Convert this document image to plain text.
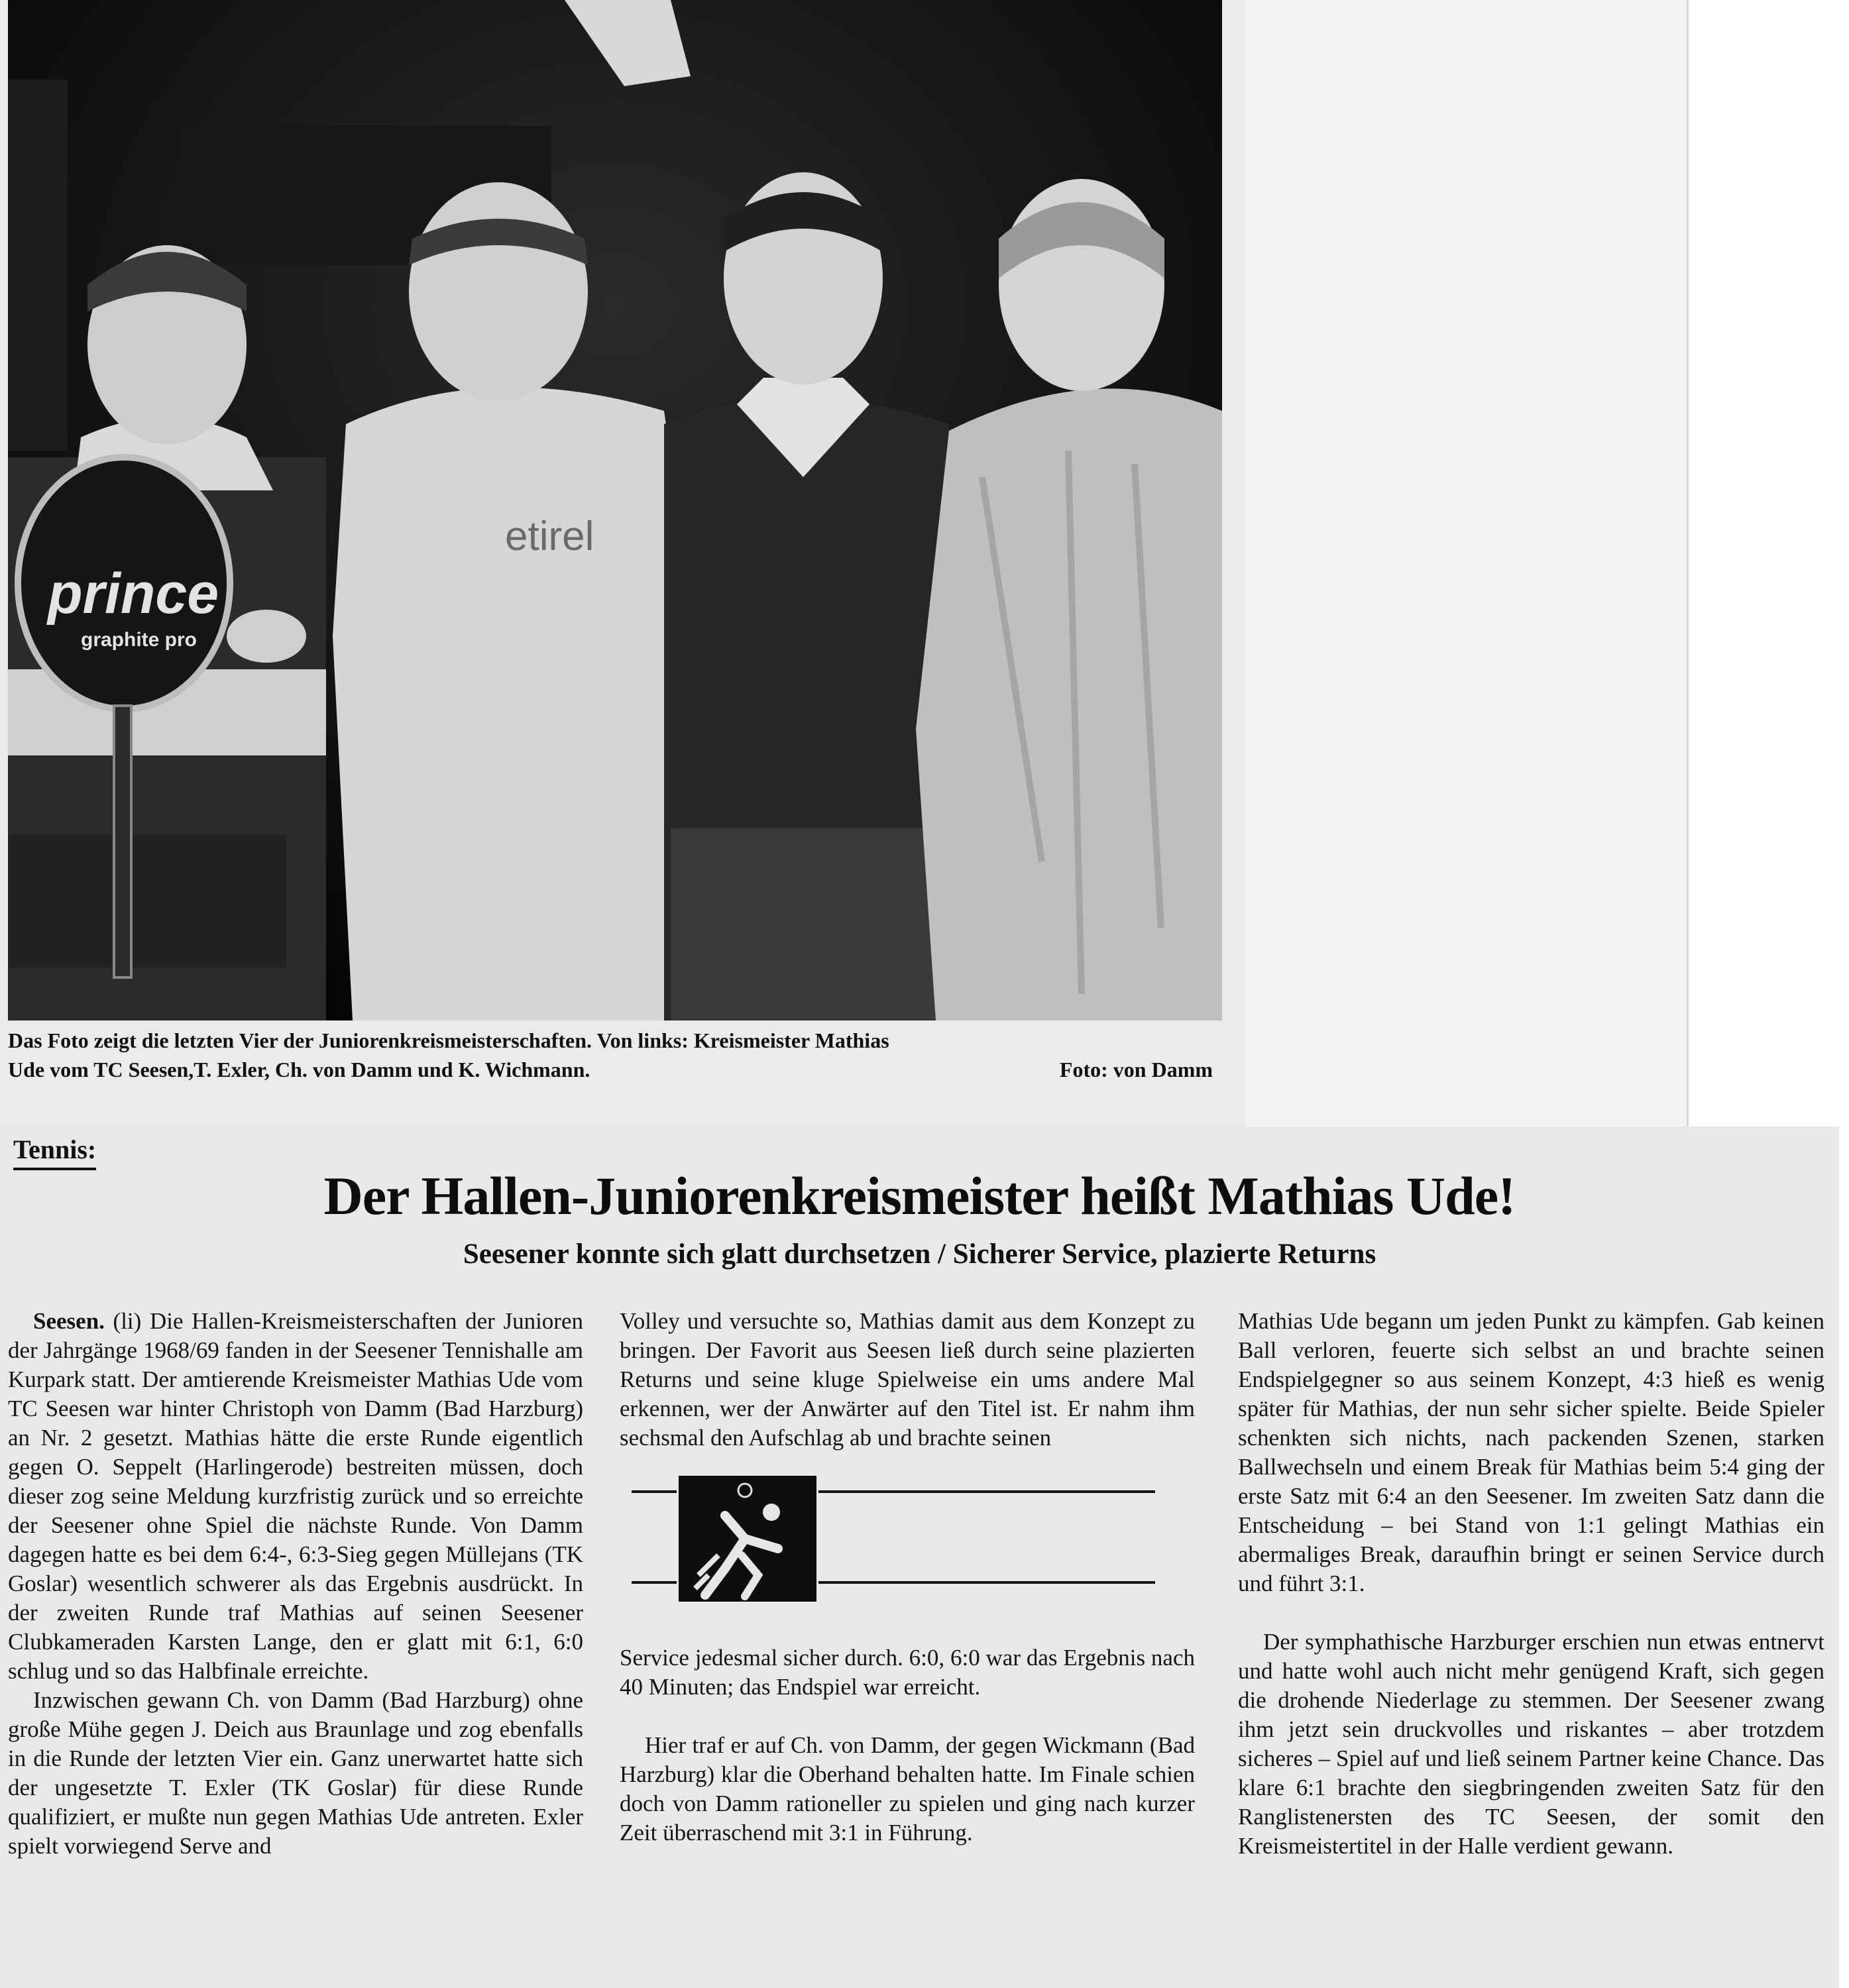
prince
graphite pro
etirel
Das Foto zeigt die letzten Vier der Juniorenkreismeisterschaften. Von links: Kreismeister Mathias
Ude vom TC Seesen,T. Exler, Ch. von Damm und K. Wichmann.	Foto: von Damm
Tennis:
Der Hallen-Juniorenkreismeister heißt Mathias Ude!
Seesener konnte sich glatt durchsetzen / Sicherer Service, plazierte Returns

Seesen. (li) Die Hallen-Kreismeisterschaften der Junioren der Jahrgänge 1968/69 fanden in der Seesener Tennishalle am Kurpark statt. Der amtierende Kreismeister Mathias Ude vom TC Seesen war hinter Christoph von Damm (Bad Harzburg) an Nr. 2 gesetzt. Mathias hätte die erste Runde eigentlich gegen O. Seppelt (Harlingerode) bestreiten müssen, doch dieser zog seine Meldung kurzfristig zurück und so erreichte der Seesener ohne Spiel die nächste Runde. Von Damm dagegen hatte es bei dem 6:4-, 6:3-Sieg gegen Müllejans (TK Goslar) wesentlich schwerer als das Ergebnis ausdrückt. In der zweiten Runde traf Mathias auf seinen Seesener Clubkameraden Karsten Lange, den er glatt mit 6:1, 6:0 schlug und so das Halbfinale erreichte.

Inzwischen gewann Ch. von Damm (Bad Harzburg) ohne große Mühe gegen J. Deich aus Braunlage und zog ebenfalls in die Runde der letzten Vier ein. Ganz unerwartet hatte sich der ungesetzte T. Exler (TK Goslar) für diese Runde qualifiziert, er mußte nun gegen Mathias Ude antreten. Exler spielt vorwiegend Serve and

Volley und versuchte so, Mathias damit aus dem Konzept zu bringen. Der Favorit aus Seesen ließ durch seine plazierten Returns und seine kluge Spielweise ein ums andere Mal erkennen, wer der Anwärter auf den Titel ist. Er nahm ihm sechsmal den Aufschlag ab und brachte seinen

Service jedesmal sicher durch. 6:0, 6:0 war das Ergebnis nach 40 Minuten; das Endspiel war erreicht.

Hier traf er auf Ch. von Damm, der gegen Wickmann (Bad Harzburg) klar die Oberhand behalten hatte. Im Finale schien doch von Damm rationeller zu spielen und ging nach kurzer Zeit überraschend mit 3:1 in Führung.

Mathias Ude begann um jeden Punkt zu kämpfen. Gab keinen Ball verloren, feuerte sich selbst an und brachte seinen Endspielgegner so aus seinem Konzept, 4:3 hieß es wenig später für Mathias, der nun sehr sicher spielte. Beide Spieler schenkten sich nichts, nach packenden Szenen, starken Ballwechseln und einem Break für Mathias beim 5:4 ging der erste Satz mit 6:4 an den Seesener. Im zweiten Satz dann die Entscheidung – bei Stand von 1:1 gelingt Mathias ein abermaliges Break, daraufhin bringt er seinen Service durch und führt 3:1.

Der symphathische Harzburger erschien nun etwas entnervt und hatte wohl auch nicht mehr genügend Kraft, sich gegen die drohende Niederlage zu stemmen. Der Seesener zwang ihm jetzt sein druckvolles und riskantes – aber trotzdem sicheres – Spiel auf und ließ seinem Partner keine Chance. Das klare 6:1 brachte den siegbringenden zweiten Satz für den Ranglistenersten des TC Seesen, der somit den Kreismeistertitel in der Halle verdient gewann.
